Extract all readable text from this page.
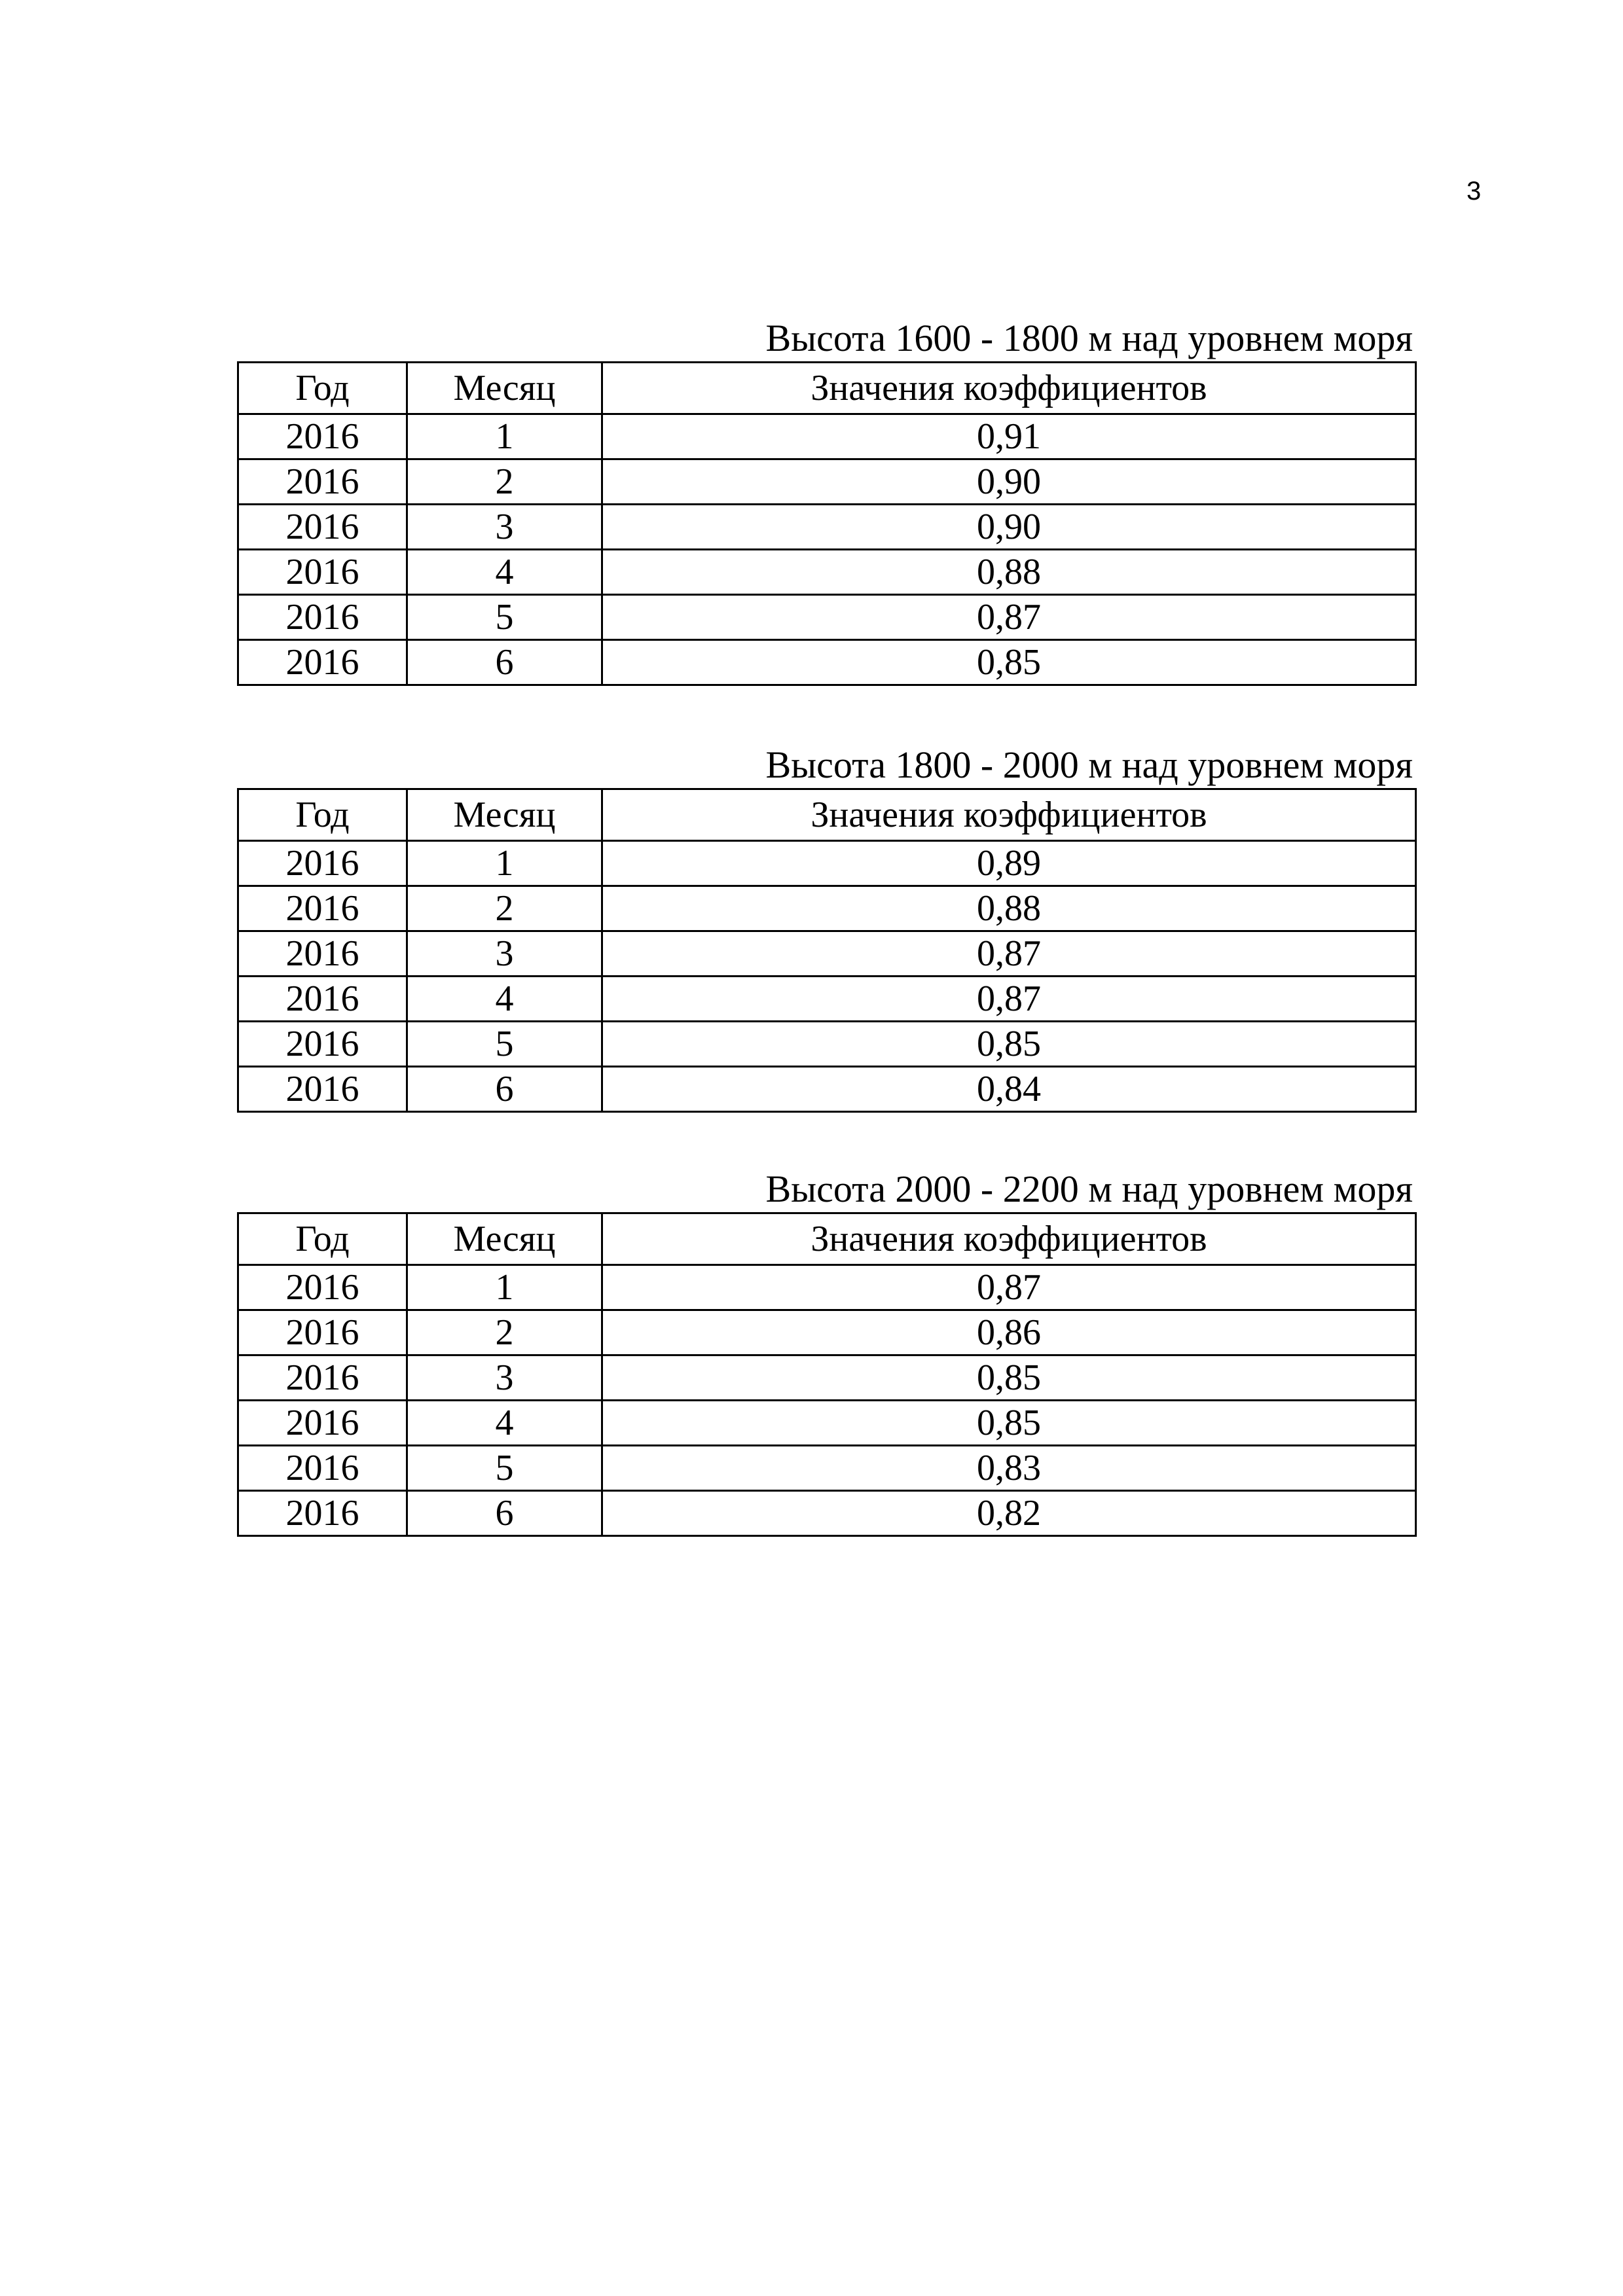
3
Высота 1600 - 1800 м над уровнем моря
Год	Месяц	Значения коэффициентов
2016	1	0,91
2016	2	0,90
2016	3	0,90
2016	4	0,88
2016	5	0,87
2016	6	0,85
Высота 1800 - 2000 м над уровнем моря
Год	Месяц	Значения коэффициентов
2016	1	0,89
2016	2	0,88
2016	3	0,87
2016	4	0,87
2016	5	0,85
2016	6	0,84
Высота 2000 - 2200 м над уровнем моря
Год	Месяц	Значения коэффициентов
2016	1	0,87
2016	2	0,86
2016	3	0,85
2016	4	0,85
2016	5	0,83
2016	6	0,82
